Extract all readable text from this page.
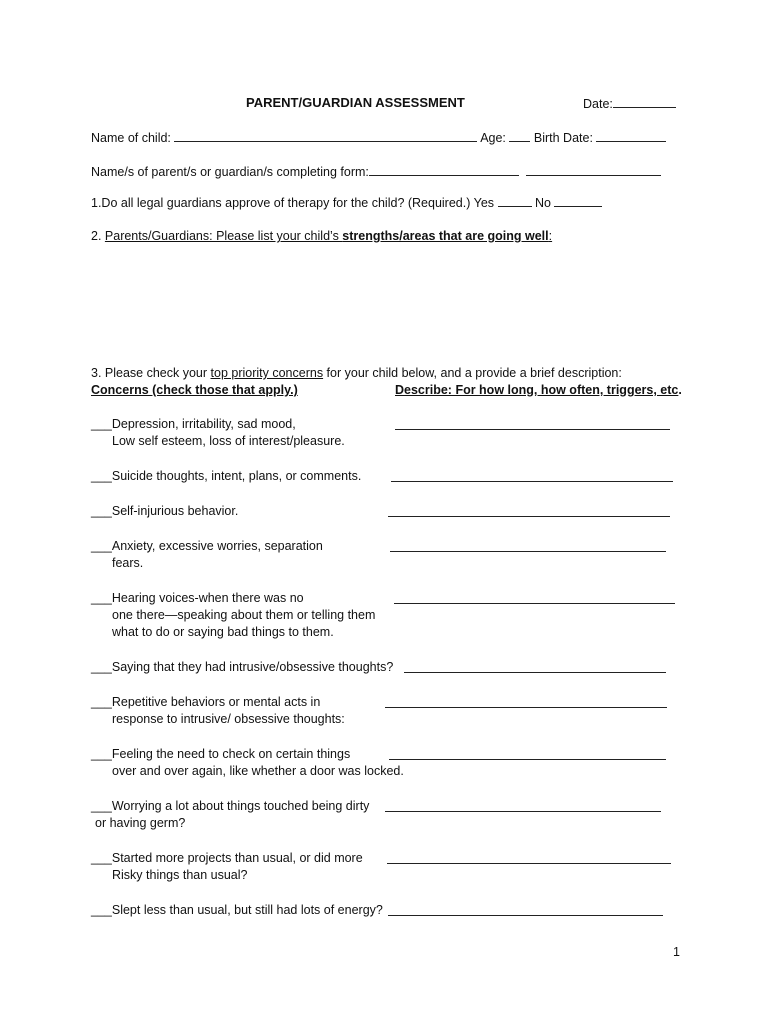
PARENT/GUARDIAN ASSESSMENT	Date:
Name of child:	Age: Birth Date:
Name/s of parent/s or guardian/s completing form:
1.Do all legal guardians approve of therapy for the child? (Required.) Yes	No
2. Parents/Guardians: Please list your child’s strengths/areas that are going well:
3. Please check your top priority concerns for your child below, and a provide a brief description:
Concerns (check those that apply.)	Describe: For how long, how often, triggers, etc.
___Depression, irritability, sad mood,
Low self esteem, loss of interest/pleasure.
___Suicide thoughts, intent, plans, or comments.
___Self-injurious behavior.
___Anxiety, excessive worries, separation
fears.
___Hearing voices-when there was no
one there—speaking about them or telling them
what to do or saying bad things to them.
___Saying that they had intrusive/obsessive thoughts?
___Repetitive behaviors or mental acts in
response to intrusive/ obsessive thoughts:
___Feeling the need to check on certain things
over and over again, like whether a door was locked.
___Worrying a lot about things touched being dirty
or having germ?
___Started more projects than usual, or did more
Risky things than usual?
___Slept less than usual, but still had lots of energy?
1
